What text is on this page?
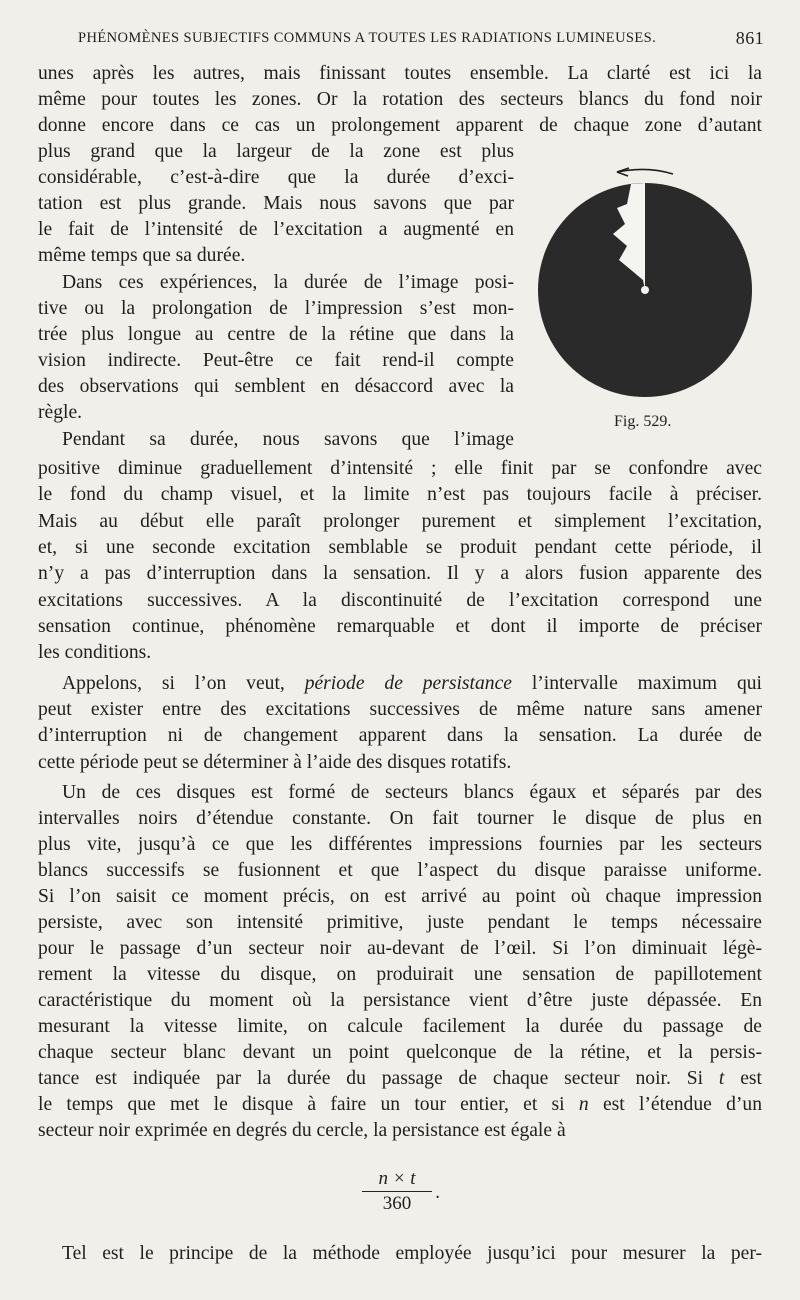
PHÉNOMÈNES SUBJECTIFS COMMUNS A TOUTES LES RADIATIONS LUMINEUSES.	861
unes après les autres, mais finissant toutes ensemble. La clarté est ici la
même pour toutes les zones. Or la rotation des secteurs blancs du fond noir
donne encore dans ce cas un prolongement apparent de chaque zone d’autant
plus grand que la largeur de la zone est plus
considérable, c’est-à-dire que la durée d’exci-
tation est plus grande. Mais nous savons que par
le fait de l’intensité de l’excitation a augmenté en
même temps que sa durée.
Dans ces expériences, la durée de l’image posi-
tive ou la prolongation de l’impression s’est mon-
trée plus longue au centre de la rétine que dans la
vision indirecte. Peut-être ce fait rend-il compte
des observations qui semblent en désaccord avec la
règle.
Pendant sa durée, nous savons que l’image
Fig. 529.
positive diminue graduellement d’intensité ; elle finit par se confondre avec
le fond du champ visuel, et la limite n’est pas toujours facile à préciser.
Mais au début elle paraît prolonger purement et simplement l’excitation,
et, si une seconde excitation semblable se produit pendant cette période, il
n’y a pas d’interruption dans la sensation. Il y a alors fusion apparente des
excitations successives. A la discontinuité de l’excitation correspond une
sensation continue, phénomène remarquable et dont il importe de préciser
les conditions.
Appelons, si l’on veut, période de persistance l’intervalle maximum qui
peut exister entre des excitations successives de même nature sans amener
d’interruption ni de changement apparent dans la sensation. La durée de
cette période peut se déterminer à l’aide des disques rotatifs.
Un de ces disques est formé de secteurs blancs égaux et séparés par des
intervalles noirs d’étendue constante. On fait tourner le disque de plus en
plus vite, jusqu’à ce que les différentes impressions fournies par les secteurs
blancs successifs se fusionnent et que l’aspect du disque paraisse uniforme.
Si l’on saisit ce moment précis, on est arrivé au point où chaque impression
persiste, avec son intensité primitive, juste pendant le temps nécessaire
pour le passage d’un secteur noir au-devant de l’œil. Si l’on diminuait légè-
rement la vitesse du disque, on produirait une sensation de papillotement
caractéristique du moment où la persistance vient d’être juste dépassée. En
mesurant la vitesse limite, on calcule facilement la durée du passage de
chaque secteur blanc devant un point quelconque de la rétine, et la persis-
tance est indiquée par la durée du passage de chaque secteur noir. Si t est
le temps que met le disque à faire un tour entier, et si n est l’étendue d’un
secteur noir exprimée en degrés du cercle, la persistance est égale à
n × t
360
.
Tel est le principe de la méthode employée jusqu’ici pour mesurer la per-
